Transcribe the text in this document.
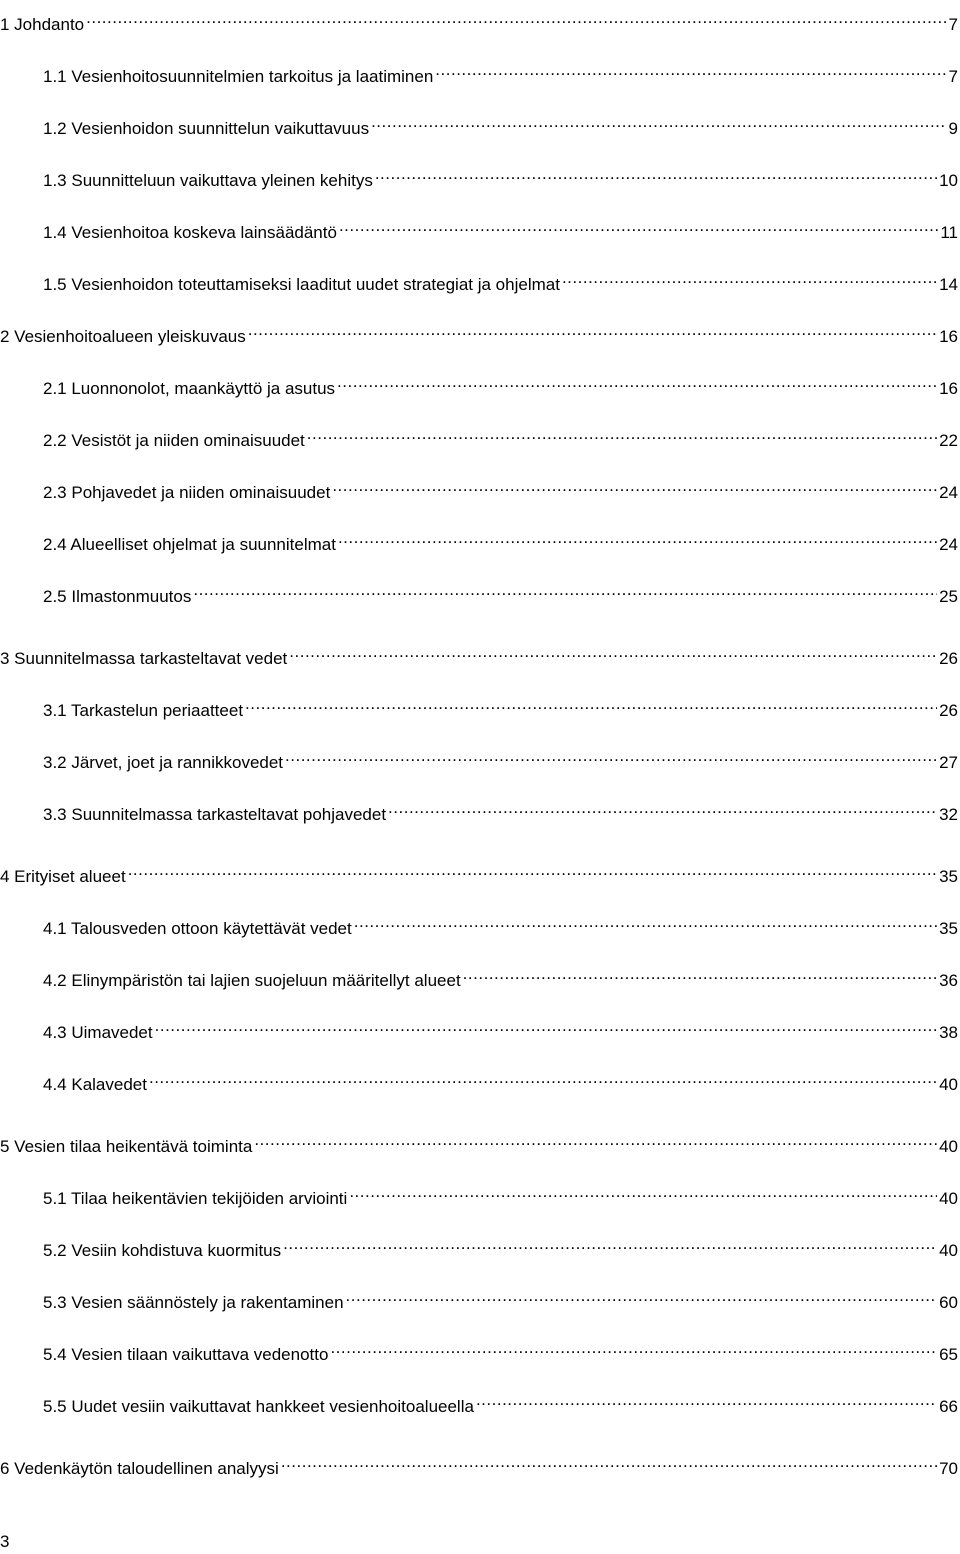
1 Johdanto .....	7
1.1 Vesienhoitosuunnitelmien tarkoitus ja laatiminen .....	7
1.2 Vesienhoidon suunnittelun vaikuttavuus .....	9
1.3 Suunnitteluun vaikuttava yleinen kehitys .....	10
1.4 Vesienhoitoa koskeva lainsäädäntö .....	11
1.5 Vesienhoidon toteuttamiseksi laaditut uudet strategiat ja ohjelmat .....	14
2 Vesienhoitoalueen yleiskuvaus .....	16
2.1 Luonnonolot, maankäyttö ja asutus .....	16
2.2 Vesistöt ja niiden ominaisuudet .....	22
2.3 Pohjavedet ja niiden ominaisuudet .....	24
2.4 Alueelliset ohjelmat ja suunnitelmat .....	24
2.5 Ilmastonmuutos .....	25
3 Suunnitelmassa tarkasteltavat vedet .....	26
3.1 Tarkastelun periaatteet .....	26
3.2 Järvet, joet ja rannikkovedet .....	27
3.3 Suunnitelmassa tarkasteltavat pohjavedet .....	32
4 Erityiset alueet .....	35
4.1 Talousveden ottoon käytettävät vedet .....	35
4.2 Elinympäristön tai lajien suojeluun määritellyt alueet .....	36
4.3 Uimavedet .....	38
4.4 Kalavedet .....	40
5 Vesien tilaa heikentävä toiminta .....	40
5.1 Tilaa heikentävien tekijöiden arviointi .....	40
5.2 Vesiin kohdistuva kuormitus .....	40
5.3 Vesien säännöstely ja rakentaminen .....	60
5.4 Vesien tilaan vaikuttava vedenotto .....	65
5.5 Uudet vesiin vaikuttavat hankkeet vesienhoitoalueella .....	66
6 Vedenkäytön taloudellinen analyysi .....	70
3
